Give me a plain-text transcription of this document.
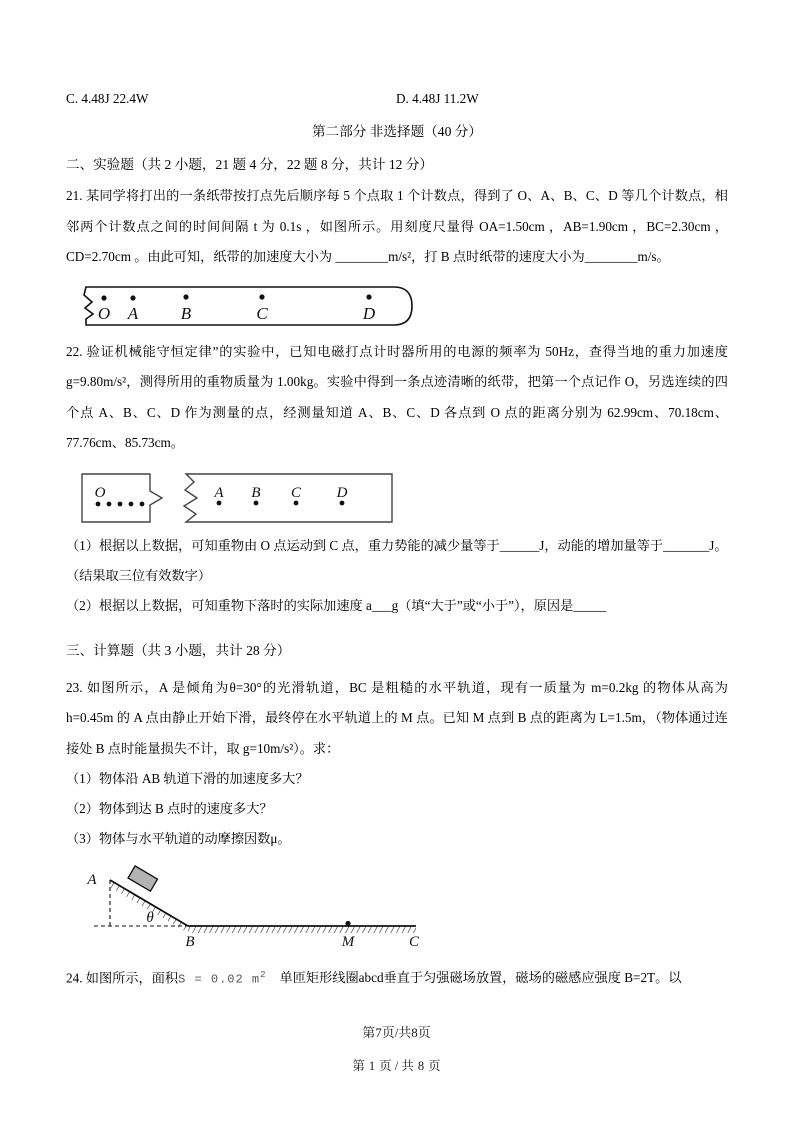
C. 4.48J 22.4W	D. 4.48J 11.2W
第二部分 非选择题（40 分）
二、实验题（共 2 小题，21 题 4 分，22 题 8 分，共计 12 分）
21. 某同学将打出的一条纸带按打点先后顺序每 5 个点取 1 个计数点，得到了 O、A、B、C、D 等几个计数点，相邻两个计数点之间的时间间隔 t 为 0.1s ，如图所示。用刻度尺量得 OA=1.50cm ，AB=1.90cm ，BC=2.30cm ，CD=2.70cm 。由此可知，纸带的加速度大小为 ________m/s²，打 B 点时纸带的速度大小为________m/s。
O A	B	C	D
22. 验证机械能守恒定律”的实验中，已知电磁打点计时器所用的电源的频率为 50Hz，查得当地的重力加速度 g=9.80m/s²，测得所用的重物质量为 1.00kg。实验中得到一条点迹清晰的纸带，把第一个点记作 O，另选连续的四个点 A、B、C、D 作为测量的点，经测量知道 A、B、C、D 各点到 O 点的距离分别为 62.99cm、70.18cm、77.76cm、85.73cm。
O	A B C D
（1）根据以上数据，可知重物由 O 点运动到 C 点，重力势能的减少量等于______J，动能的增加量等于_______J。（结果取三位有效数字）
（2）根据以上数据，可知重物下落时的实际加速度 a___g（填“大于”或“小于”），原因是_____
三、计算题（共 3 小题，共计 28 分）
23. 如图所示，A 是倾角为θ=30°的光滑轨道，BC 是粗糙的水平轨道，现有一质量为 m=0.2kg 的物体从高为 h=0.45m 的 A 点由静止开始下滑，最终停在水平轨道上的 M 点。已知 M 点到 B 点的距离为 L=1.5m，（物体通过连接处 B 点时能量损失不计，取 g=10m/s²）。求：
（1）物体沿 AB 轨道下滑的加速度多大？
（2）物体到达 B 点时的速度多大？
（3）物体与水平轨道的动摩擦因数μ。
A
θ
B	M	C
24. 如图所示，面积S = 0.02 $m^2$ 单匝矩形线圈abcd垂直于匀强磁场放置，磁场的磁感应强度 B=2T。以
第7页/共8页
第 1 页 / 共 8 页
